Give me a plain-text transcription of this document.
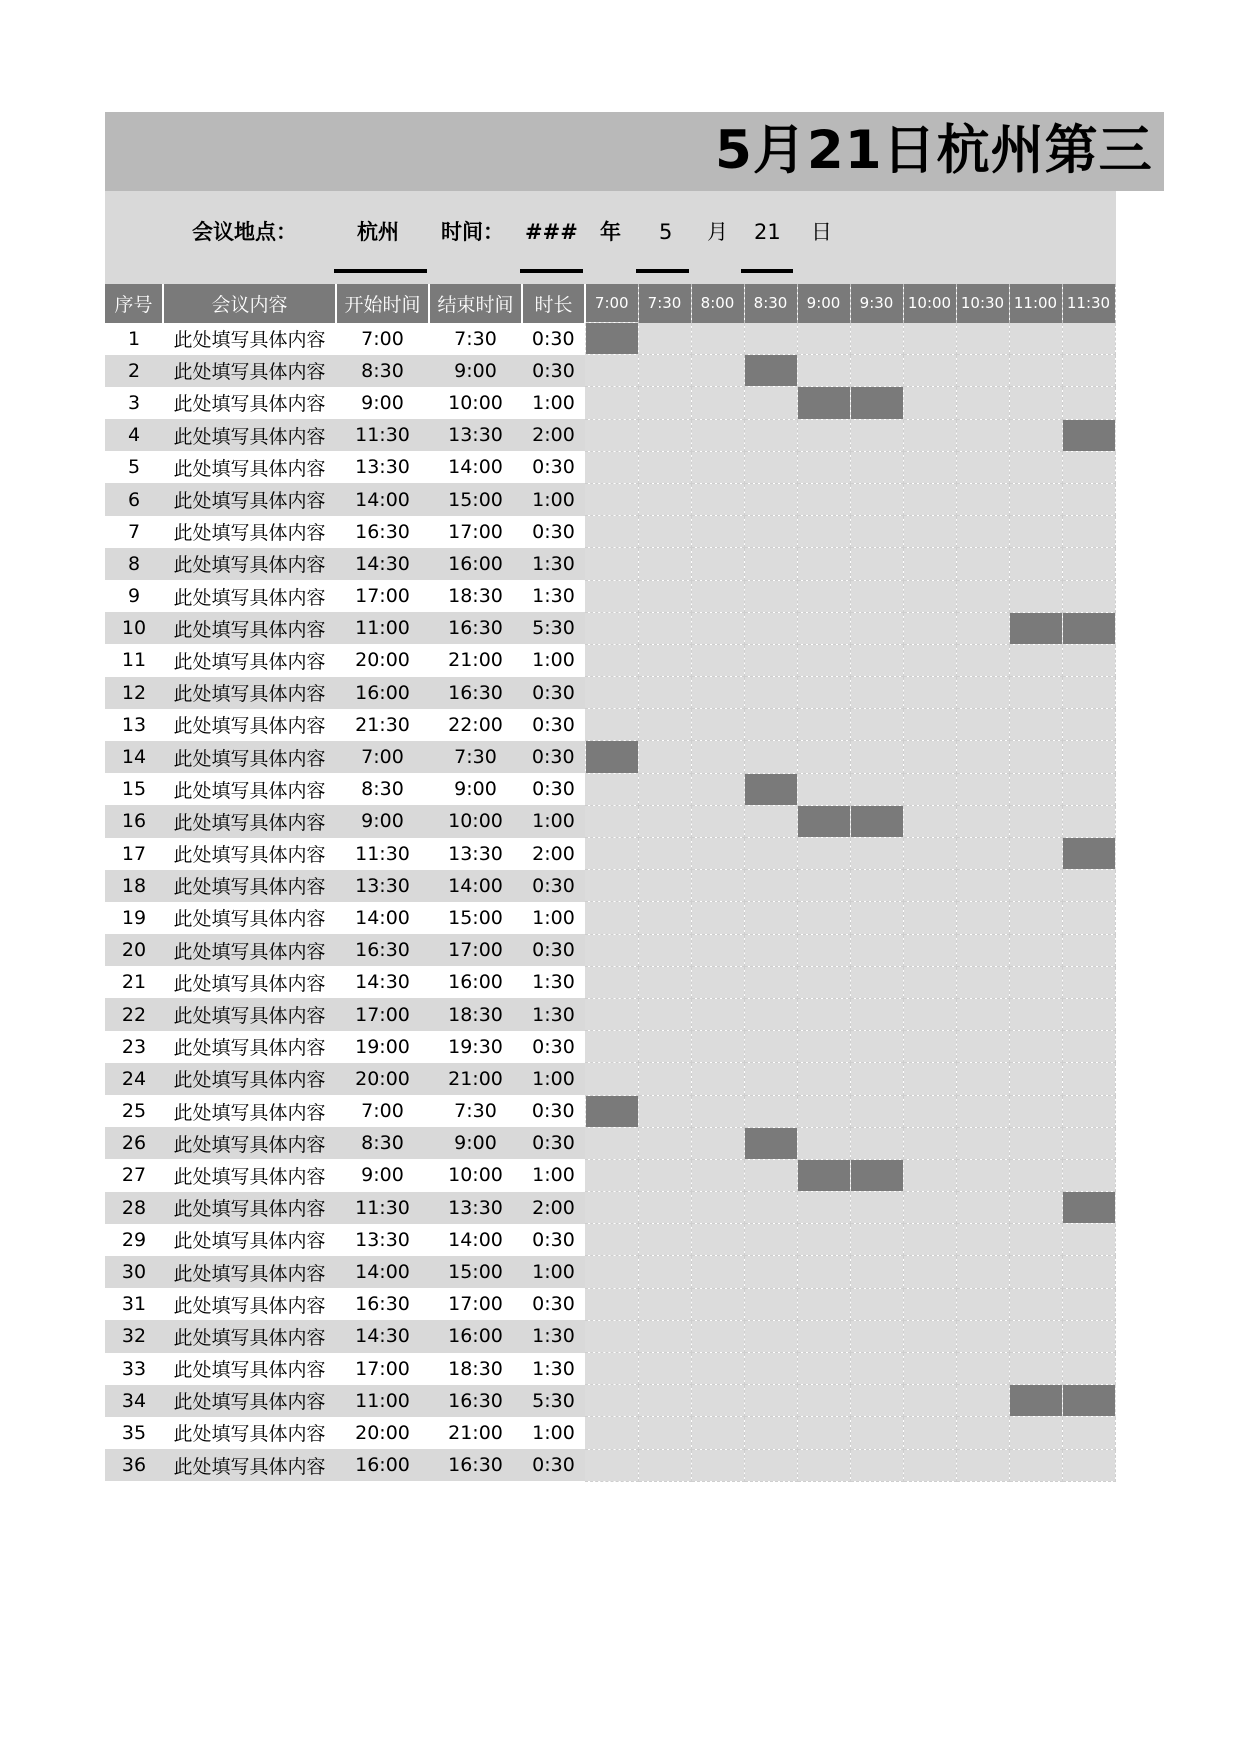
5月21日杭州第三
会议地点：	杭州 时间： ### 年 5 月 21 日
序号	会议内容	开始时间	结束时间	时长	7:00	7:30	8:00	8:30	9:00	9:30	10:00	10:30	11:00	11:30
1	此处填写具体内容	7:00	7:30	0:30										
2	此处填写具体内容	8:30	9:00	0:30										
3	此处填写具体内容	9:00	10:00	1:00										
4	此处填写具体内容	11:30	13:30	2:00										
5	此处填写具体内容	13:30	14:00	0:30										
6	此处填写具体内容	14:00	15:00	1:00										
7	此处填写具体内容	16:30	17:00	0:30										
8	此处填写具体内容	14:30	16:00	1:30										
9	此处填写具体内容	17:00	18:30	1:30										
10	此处填写具体内容	11:00	16:30	5:30										
11	此处填写具体内容	20:00	21:00	1:00										
12	此处填写具体内容	16:00	16:30	0:30										
13	此处填写具体内容	21:30	22:00	0:30										
14	此处填写具体内容	7:00	7:30	0:30										
15	此处填写具体内容	8:30	9:00	0:30										
16	此处填写具体内容	9:00	10:00	1:00										
17	此处填写具体内容	11:30	13:30	2:00										
18	此处填写具体内容	13:30	14:00	0:30										
19	此处填写具体内容	14:00	15:00	1:00										
20	此处填写具体内容	16:30	17:00	0:30										
21	此处填写具体内容	14:30	16:00	1:30										
22	此处填写具体内容	17:00	18:30	1:30										
23	此处填写具体内容	19:00	19:30	0:30										
24	此处填写具体内容	20:00	21:00	1:00										
25	此处填写具体内容	7:00	7:30	0:30										
26	此处填写具体内容	8:30	9:00	0:30										
27	此处填写具体内容	9:00	10:00	1:00										
28	此处填写具体内容	11:30	13:30	2:00										
29	此处填写具体内容	13:30	14:00	0:30										
30	此处填写具体内容	14:00	15:00	1:00										
31	此处填写具体内容	16:30	17:00	0:30										
32	此处填写具体内容	14:30	16:00	1:30										
33	此处填写具体内容	17:00	18:30	1:30										
34	此处填写具体内容	11:00	16:30	5:30										
35	此处填写具体内容	20:00	21:00	1:00										
36	此处填写具体内容	16:00	16:30	0:30										
